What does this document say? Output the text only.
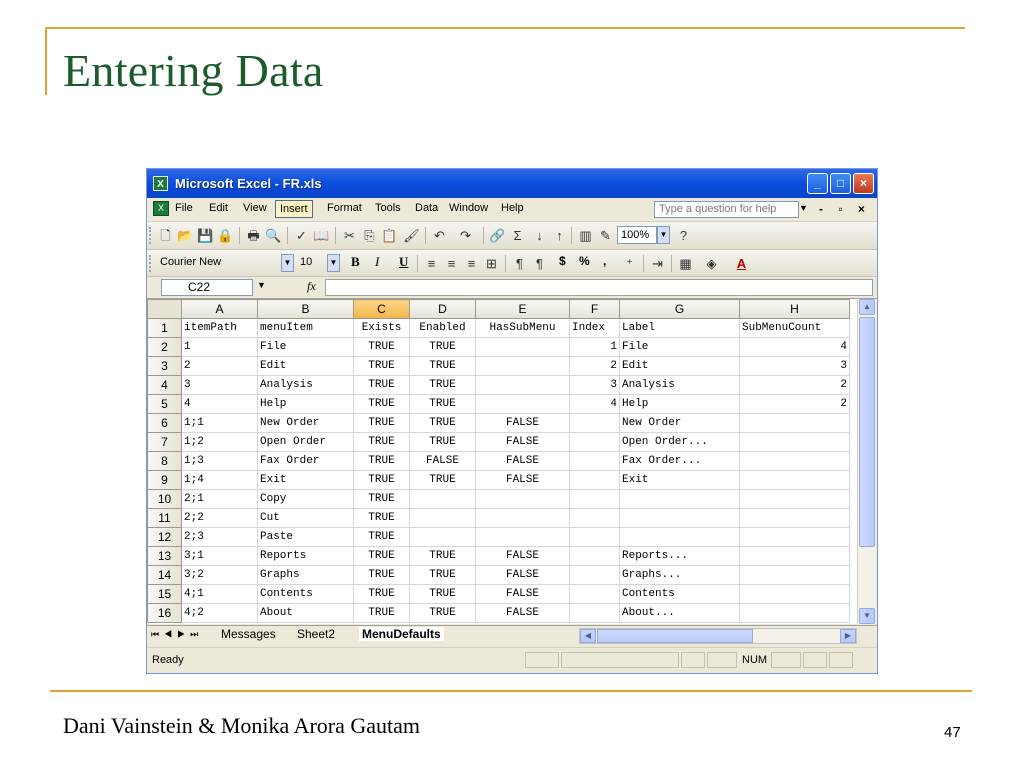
Entering Data
X Microsoft Excel - FR.xls	_	□	×
X	File Edit View	Insert	Format Tools Data Window Help	Type a question for help	▼ - ▫ ×
🗋 📂 💾 🔒 🖶 🔍 ✓ 📖 ✂ ⎘ 📋 🖌 ↶ ↷ 🔗 Σ	↓	↑	▥ ✎ 100%	▼ ?
Courier New	▼ 10	▼ B I U	≡ ≡ ≡ ⊞	¶	¶	$ % ,	⁺	⇥ ▦ ◈ A
C22	▼	fx
	A	B	C	D	E	F	G	H
1	itemPath	menuItem	Exists	Enabled	HasSubMenu	Index	Label	SubMenuCount
2	1	File	TRUE	TRUE		1	File	4
3	2	Edit	TRUE	TRUE		2	Edit	3
4	3	Analysis	TRUE	TRUE		3	Analysis	2
5	4	Help	TRUE	TRUE		4	Help	2
6	1;1	New Order	TRUE	TRUE	FALSE		New Order	
7	1;2	Open Order	TRUE	TRUE	FALSE		Open Order...	
8	1;3	Fax Order	TRUE	FALSE	FALSE		Fax Order...	
9	1;4	Exit	TRUE	TRUE	FALSE		Exit	
10	2;1	Copy	TRUE					
11	2;2	Cut	TRUE					
12	2;3	Paste	TRUE					
13	3;1	Reports	TRUE	TRUE	FALSE		Reports...	
14	3;2	Graphs	TRUE	TRUE	FALSE		Graphs...	
15	4;1	Contents	TRUE	TRUE	FALSE		Contents	
16	4;2	About	TRUE	TRUE	FALSE		About...	
▲
▼
⏮◀▶⏭ Messages Sheet2 MenuDefaults	◀	▶
Ready	NUM
Dani Vainstein & Monika Arora Gautam	47
